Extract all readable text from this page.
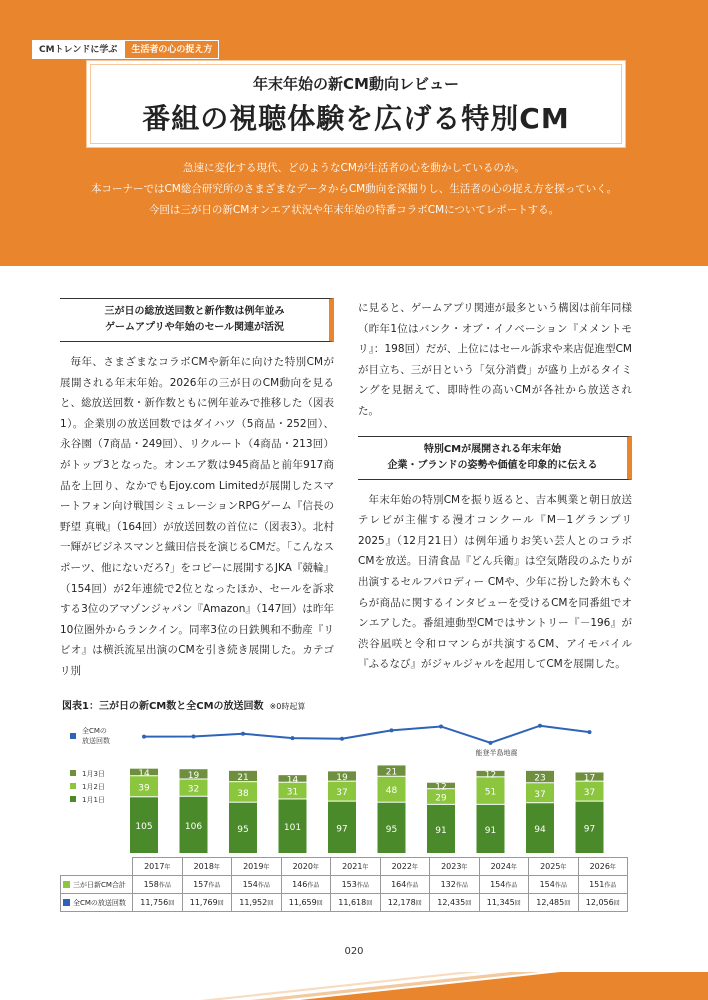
CMトレンドに学ぶ	生活者の心の捉え方
年末年始の新CM動向レビュー
番組の視聴体験を広げる特別CM
急速に変化する現代、どのようなCMが生活者の心を動かしているのか。
本コーナーではCM総合研究所のさまざまなデータからCM動向を深掘りし、生活者の心の捉え方を探っていく。
今回は三が日の新CMオンエア状況や年末年始の特番コラボCMについてレポートする。
三が日の総放送回数と新作数は例年並み
ゲームアプリや年始のセール関連が活況

毎年、さまざまなコラボCMや新年に向けた特別CMが展開される年末年始。2026年の三が日のCM動向を見ると、総放送回数・新作数ともに例年並みで推移した（図表1）。企業別の放送回数ではダイハツ（5商品・252回）、永谷園（7商品・249回）、リクルート（4商品・213回）がトップ3となった。オンエア数は945商品と前年917商品を上回り、なかでもEjoy.com Limitedが展開したスマートフォン向け戦国シミュレーションRPGゲーム『信長の野望 真戦』（164回）が放送回数の首位に（図表3）。北村一輝がビジネスマンと織田信長を演じるCMだ。「こんなスポーツ、他にないだろ?」をコピーに展開するJKA『競輪』（154回）が2年連続で2位となったほか、セールを訴求する3位のアマゾンジャパン『Amazon』（147回）は昨年10位圏外からランクイン。同率3位の日鉄興和不動産『リビオ』は横浜流星出演のCMを引き続き展開した。カテゴリ別

に見ると、ゲームアプリ関連が最多という構図は前年同様（昨年1位はバンク・オブ・イノベーション『メメントモリ』：198回）だが、上位にはセール訴求や来店促進型CMが目立ち、三が日という「気分消費」が盛り上がるタイミングを見据えて、即時性の高いCMが各社から放送された。

特別CMが展開される年末年始
企業・ブランドの姿勢や価値を印象的に伝える

年末年始の特別CMを振り返ると、吉本興業と朝日放送テレビが主催する漫才コンクール『M－1グランプリ2025』（12月21日）は例年通りお笑い芸人とのコラボCMを放送。日清食品『どん兵衛』は空気階段のふたりが出演するセルフパロディー CMや、少年に扮した鈴木もぐらが商品に関するインタビューを受けるCMを同番組でオンエアした。番組連動型CMではサントリー『－196』が渋谷凪咲と令和ロマンらが共演するCM、アイモバイル『ふるなび』がジャルジャルを起用してCMを展開した。

図表1：三が日の新CM数と全CMの放送回数 ※0時起算
全CMの
放送回数
1月3日
1月2日
1月1日
105
39
14
106
32
19
95
38
21
101
31
14
97
37
19
95
48
21
91
29
12
91
51
12
94
37
23
97
37
17
能登半島地震
	2017年	2018年	2019年	2020年	2021年	2022年	2023年	2024年	2025年	2026年
三が日新CM合計	158作品	157作品	154作品	146作品	153作品	164作品	132作品	154作品	154作品	151作品
全CMの放送回数	11,756回	11,769回	11,952回	11,659回	11,618回	12,178回	12,435回	11,345回	12,485回	12,056回
020
